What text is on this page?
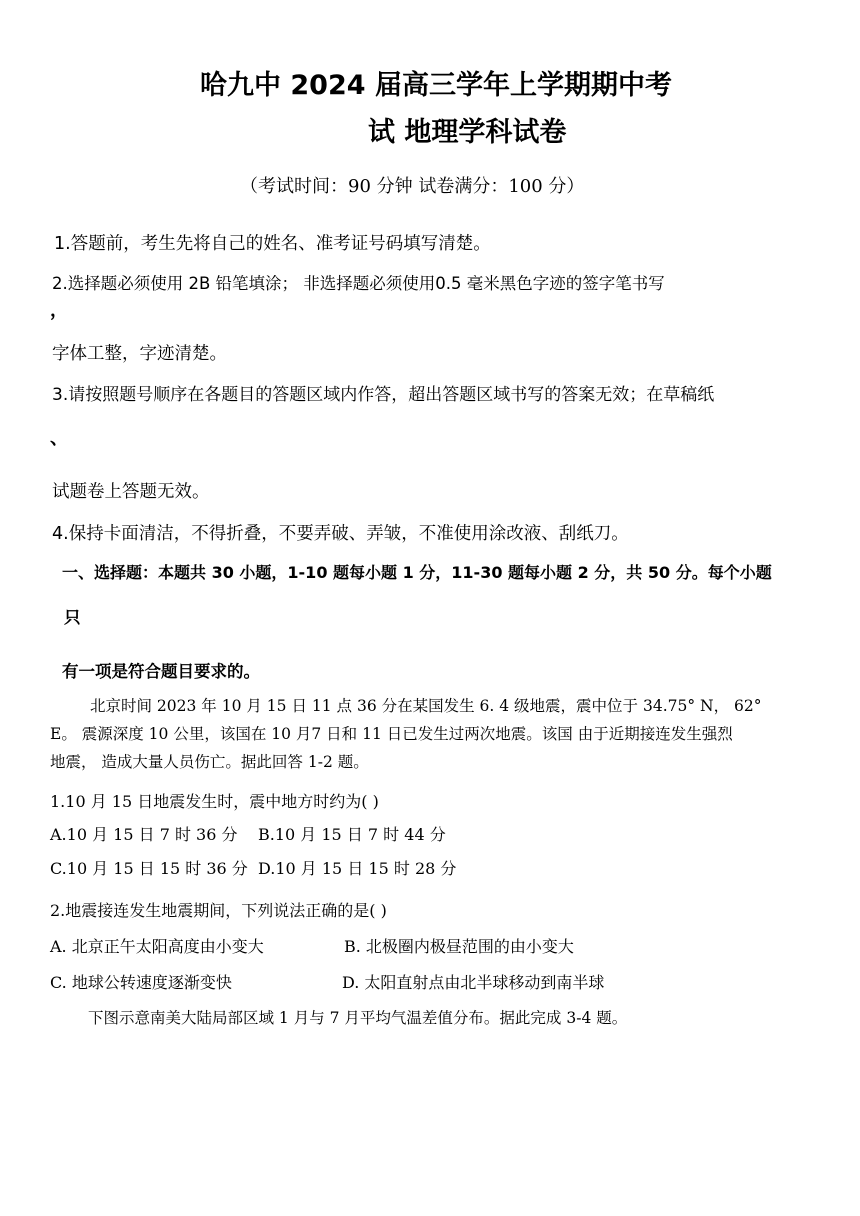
哈九中 2024 届高三学年上学期期中考
试 地理学科试卷
（考试时间：90 分钟 试卷满分：100 分）
1.答题前，考生先将自己的姓名、准考证号码填写清楚。
2.选择题必须使用 2B 铅笔填涂； 非选择题必须使用0.5 毫米黑色字迹的签字笔书写
，
字体工整，字迹清楚。
3.请按照题号顺序在各题目的答题区域内作答，超出答题区域书写的答案无效；在草稿纸
、
试题卷上答题无效。
4.保持卡面清洁，不得折叠，不要弄破、弄皱，不准使用涂改液、刮纸刀。
一、选择题：本题共 30 小题，1-10 题每小题 1 分，11-30 题每小题 2 分，共 50 分。每个小题
只
有一项是符合题目要求的。
北京时间 2023 年 10 月 15 日 11 点 36 分在某国发生 6. 4 级地震，震中位于 34.75° N， 62°
E。 震源深度 10 公里，该国在 10 月7 日和 11 日已发生过两次地震。该国 由于近期接连发生强烈
地震， 造成大量人员伤亡。据此回答 1-2 题。
1.10 月 15 日地震发生时，震中地方时约为( )
A.10 月 15 日 7 时 36 分 B.10 月 15 日 7 时 44 分
C.10 月 15 日 15 时 36 分 D.10 月 15 日 15 时 28 分
2.地震接连发生地震期间，下列说法正确的是( )
A. 北京正午太阳高度由小变大	B. 北极圈内极昼范围的由小变大
C. 地球公转速度逐渐变快	D. 太阳直射点由北半球移动到南半球
下图示意南美大陆局部区域 1 月与 7 月平均气温差值分布。据此完成 3-4 题。
